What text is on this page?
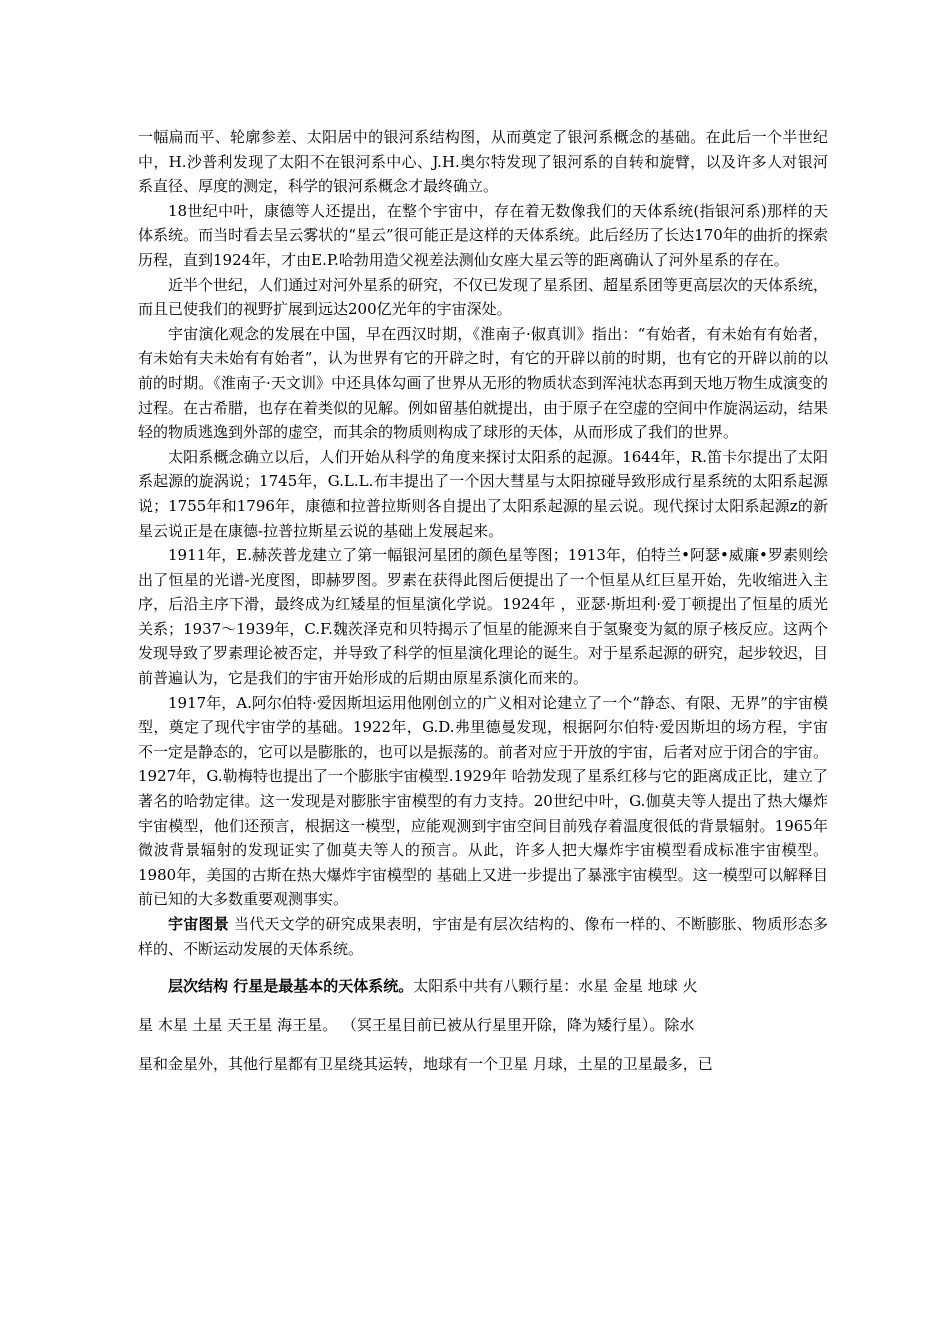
一幅扁而平、轮廓参差、太阳居中的银河系结构图，从而奠定了银河系概念的基础。在此后一个半世纪中，H.沙普利发现了太阳不在银河系中心、J.H.奥尔特发现了银河系的自转和旋臂，以及许多人对银河系直径、厚度的测定，科学的银河系概念才最终确立。

18世纪中叶，康德等人还提出，在整个宇宙中，存在着无数像我们的天体系统(指银河系)那样的天体系统。而当时看去呈云雾状的“星云”很可能正是这样的天体系统。此后经历了长达170年的曲折的探索历程，直到1924年，才由E.P.哈勃用造父视差法测仙女座大星云等的距离确认了河外星系的存在。

近半个世纪，人们通过对河外星系的研究，不仅已发现了星系团、超星系团等更高层次的天体系统，而且已使我们的视野扩展到远达200亿光年的宇宙深处。

宇宙演化观念的发展在中国，早在西汉时期，《淮南子·俶真训》指出：“有始者，有未始有有始者，有未始有夫未始有有始者”，认为世界有它的开辟之时，有它的开辟以前的时期，也有它的开辟以前的以前的时期。《淮南子·天文训》中还具体勾画了世界从无形的物质状态到浑沌状态再到天地万物生成演变的过程。在古希腊，也存在着类似的见解。例如留基伯就提出，由于原子在空虚的空间中作旋涡运动，结果轻的物质逃逸到外部的虚空，而其余的物质则构成了球形的天体，从而形成了我们的世界。

太阳系概念确立以后，人们开始从科学的角度来探讨太阳系的起源。1644年，R.笛卡尔提出了太阳系起源的旋涡说；1745年，G.L.L.布丰提出了一个因大彗星与太阳掠碰导致形成行星系统的太阳系起源说；1755年和1796年，康德和拉普拉斯则各自提出了太阳系起源的星云说。现代探讨太阳系起源z的新星云说正是在康德-拉普拉斯星云说的基础上发展起来。

1911年，E.赫茨普龙建立了第一幅银河星团的颜色星等图；1913年，伯特兰•阿瑟•威廉•罗素则绘出了恒星的光谱-光度图，即赫罗图。罗素在获得此图后便提出了一个恒星从红巨星开始，先收缩进入主序，后沿主序下滑，最终成为红矮星的恒星演化学说。1924年 ，亚瑟·斯坦利·爱丁顿提出了恒星的质光关系；1937～1939年，C.F.魏茨泽克和贝特揭示了恒星的能源来自于氢聚变为氦的原子核反应。这两个发现导致了罗素理论被否定，并导致了科学的恒星演化理论的诞生。对于星系起源的研究，起步较迟，目前普遍认为，它是我们的宇宙开始形成的后期由原星系演化而来的。

1917年，A.阿尔伯特·爱因斯坦运用他刚创立的广义相对论建立了一个“静态、有限、无界”的宇宙模型，奠定了现代宇宙学的基础。1922年，G.D.弗里德曼发现，根据阿尔伯特·爱因斯坦的场方程，宇宙不一定是静态的，它可以是膨胀的，也可以是振荡的。前者对应于开放的宇宙，后者对应于闭合的宇宙。1927年，G.勒梅特也提出了一个膨胀宇宙模型.1929年 哈勃发现了星系红移与它的距离成正比，建立了著名的哈勃定律。这一发现是对膨胀宇宙模型的有力支持。20世纪中叶，G.伽莫夫等人提出了热大爆炸宇宙模型，他们还预言，根据这一模型，应能观测到宇宙空间目前残存着温度很低的背景辐射。1965年微波背景辐射的发现证实了伽莫夫等人的预言。从此，许多人把大爆炸宇宙模型看成标准宇宙模型。1980年，美国的古斯在热大爆炸宇宙模型的 基础上又进一步提出了暴涨宇宙模型。这一模型可以解释目前已知的大多数重要观测事实。

宇宙图景 当代天文学的研究成果表明，宇宙是有层次结构的、像布一样的、不断膨胀、物质形态多样的、不断运动发展的天体系统。

层次结构 行星是最基本的天体系统。太阳系中共有八颗行星：水星 金星 地球 火

星 木星 土星 天王星 海王星。 （冥王星目前已被从行星里开除，降为矮行星）。除水

星和金星外，其他行星都有卫星绕其运转，地球有一个卫星 月球，土星的卫星最多，已
